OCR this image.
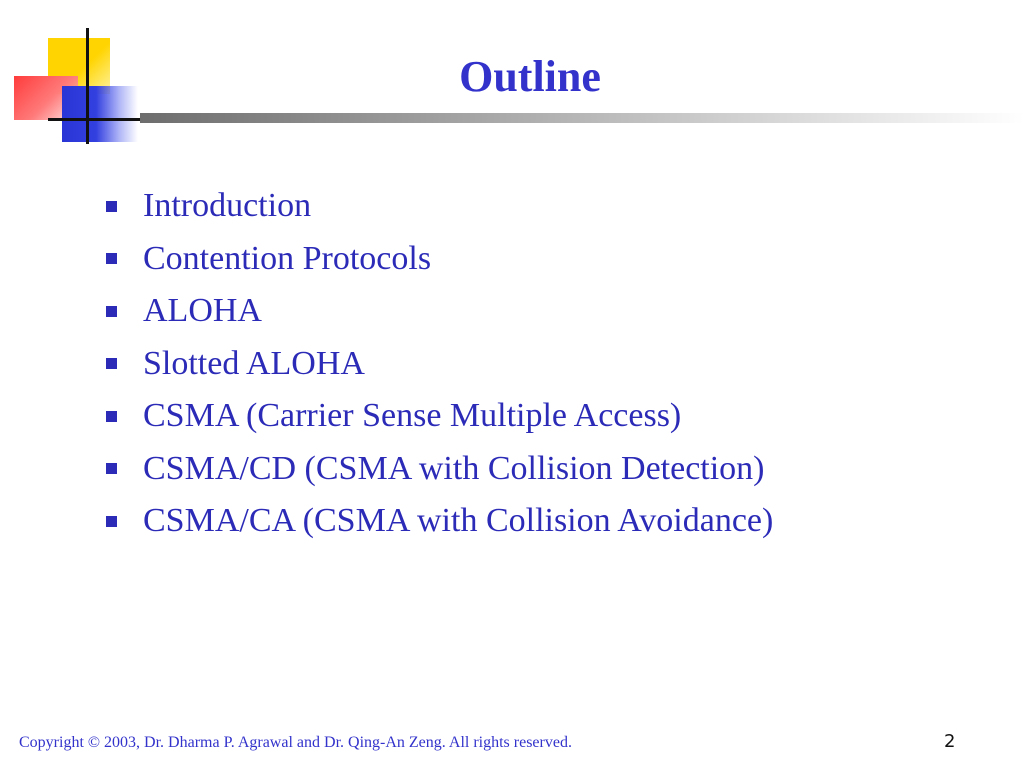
Outline
Introduction
Contention Protocols
ALOHA
Slotted ALOHA
CSMA (Carrier Sense Multiple Access)
CSMA/CD (CSMA with Collision Detection)
CSMA/CA (CSMA with Collision Avoidance)
Copyright © 2003, Dr. Dharma P. Agrawal and Dr. Qing-An Zeng. All rights reserved.	2
